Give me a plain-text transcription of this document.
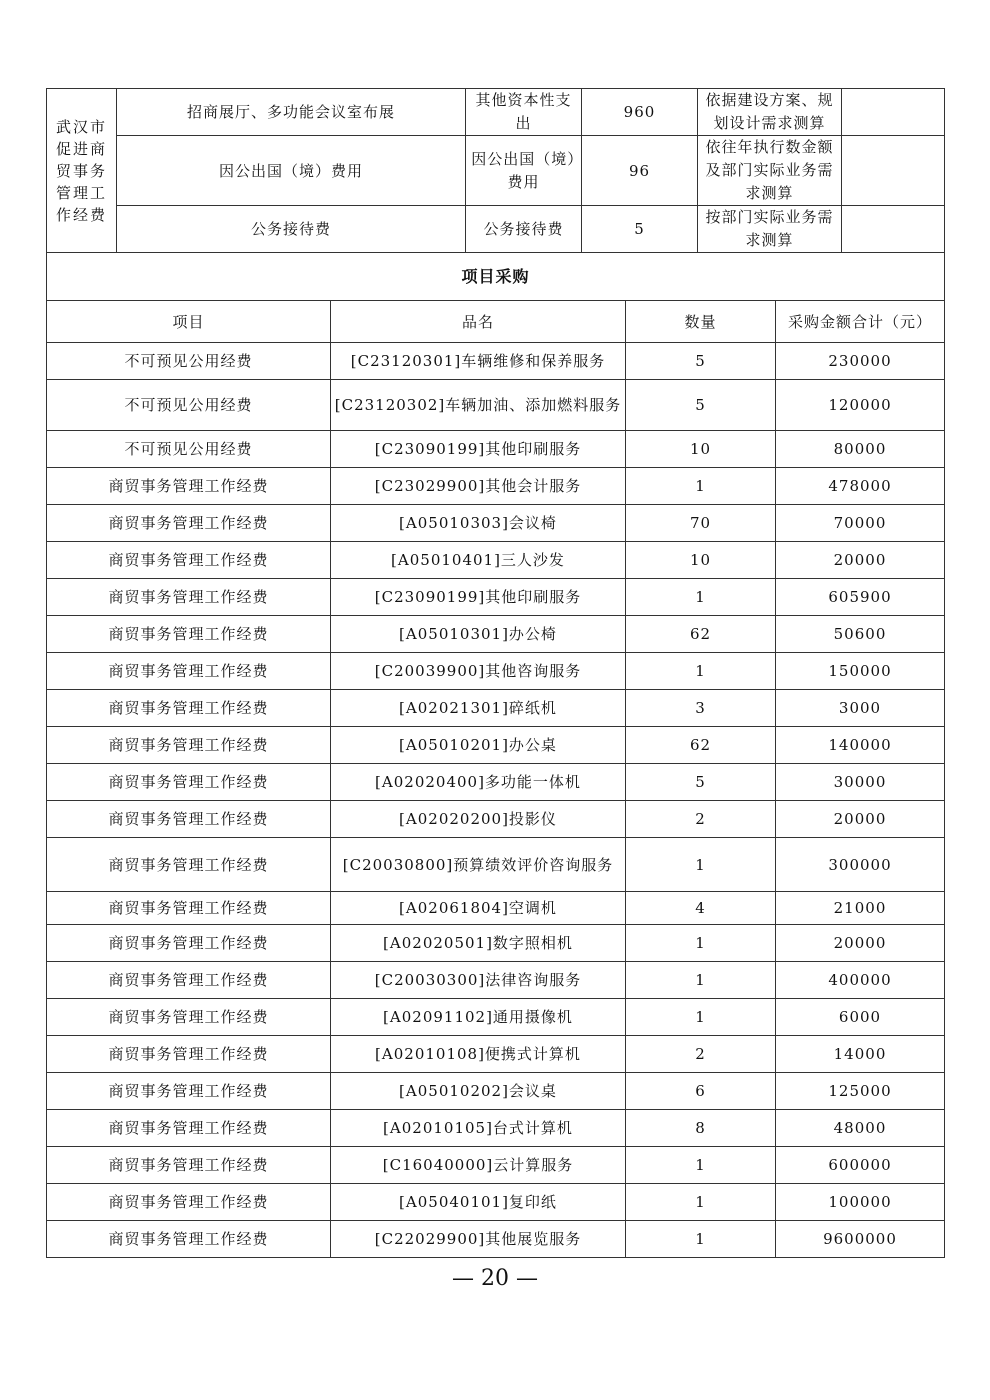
武汉市促进商贸事务管理工作经费	招商展厅、多功能会议室布展	其他资本性支出	960	依据建设方案、规划设计需求测算	
	因公出国（境）费用	因公出国（境）费用	96	依往年执行数金额及部门实际业务需求测算	
	公务接待费	公务接待费	5	按部门实际业务需求测算	
项目采购			
项目	品名	数量	采购金额合计（元）
不可预见公用经费	[C23120301]车辆维修和保养服务	5	230000
不可预见公用经费	[C23120302]车辆加油、添加燃料服务	5	120000
不可预见公用经费	[C23090199]其他印刷服务	10	80000
商贸事务管理工作经费	[C23029900]其他会计服务	1	478000
商贸事务管理工作经费	[A05010303]会议椅	70	70000
商贸事务管理工作经费	[A05010401]三人沙发	10	20000
商贸事务管理工作经费	[C23090199]其他印刷服务	1	605900
商贸事务管理工作经费	[A05010301]办公椅	62	50600
商贸事务管理工作经费	[C20039900]其他咨询服务	1	150000
商贸事务管理工作经费	[A02021301]碎纸机	3	3000
商贸事务管理工作经费	[A05010201]办公桌	62	140000
商贸事务管理工作经费	[A02020400]多功能一体机	5	30000
商贸事务管理工作经费	[A02020200]投影仪	2	20000
商贸事务管理工作经费	[C20030800]预算绩效评价咨询服务	1	300000
商贸事务管理工作经费	[A02061804]空调机	4	21000
商贸事务管理工作经费	[A02020501]数字照相机	1	20000
商贸事务管理工作经费	[C20030300]法律咨询服务	1	400000
商贸事务管理工作经费	[A02091102]通用摄像机	1	6000
商贸事务管理工作经费	[A02010108]便携式计算机	2	14000
商贸事务管理工作经费	[A05010202]会议桌	6	125000
商贸事务管理工作经费	[A02010105]台式计算机	8	48000
商贸事务管理工作经费	[C16040000]云计算服务	1	600000
商贸事务管理工作经费	[A05040101]复印纸	1	100000
商贸事务管理工作经费	[C22029900]其他展览服务	1	9600000
— 20 —
